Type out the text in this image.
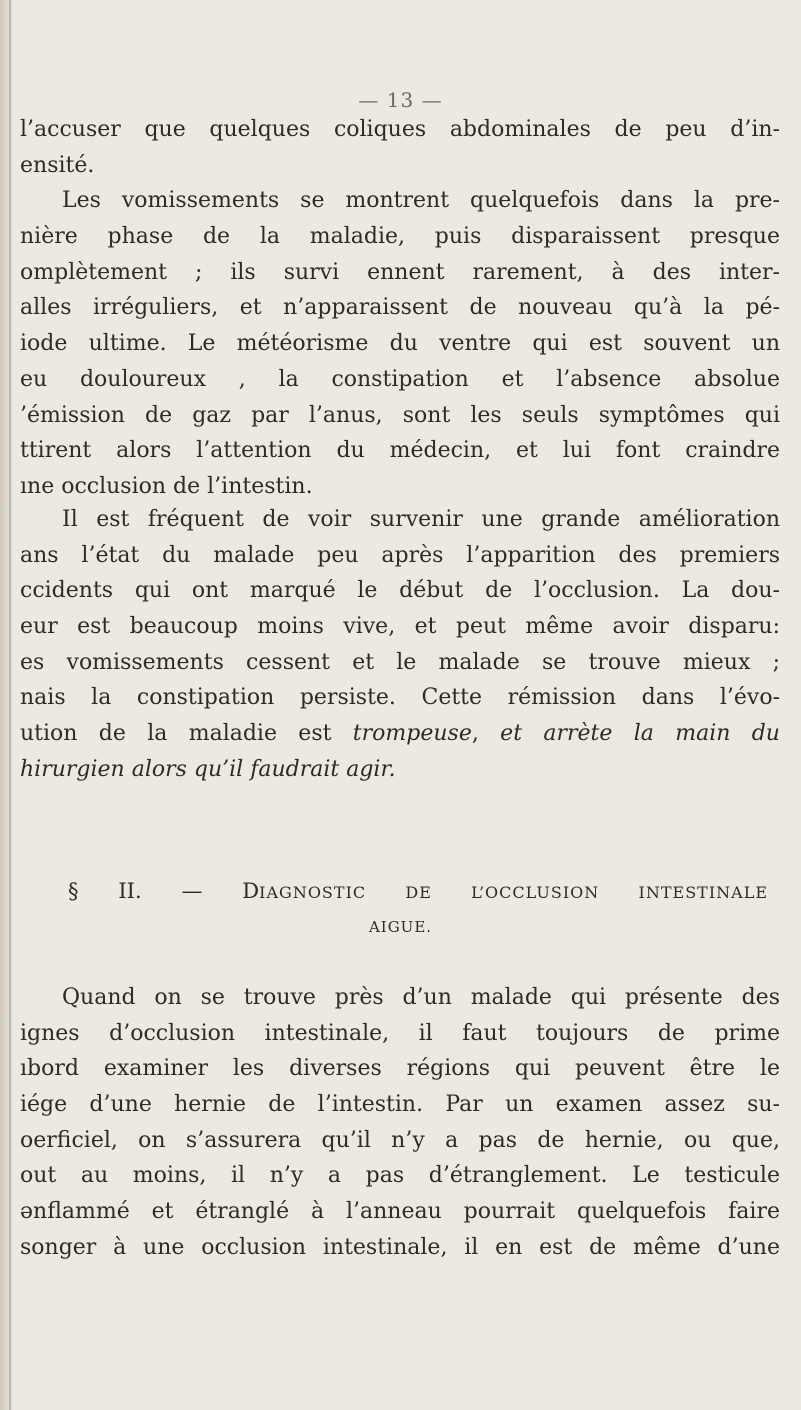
— 13 —
l’accuser que quelques coliques abdominales de peu d’in-
ensité.
Les vomissements se montrent quelquefois dans la pre-
nière phase de la maladie, puis disparaissent presque
omplètement ; ils survi ennent rarement, à des inter-
alles irréguliers, et n’apparaissent de nouveau qu’à la pé-
iode ultime. Le météorisme du ventre qui est souvent un
eu douloureux , la constipation et l’absence absolue
’émission de gaz par l’anus, sont les seuls symptômes qui
ttirent alors l’attention du médecin, et lui font craindre
ıne occlusion de l’intestin.
Il est fréquent de voir survenir une grande amélioration
ans l’état du malade peu après l’apparition des premiers
ccidents qui ont marqué le début de l’occlusion. La dou-
eur est beaucoup moins vive, et peut même avoir disparu:
es vomissements cessent et le malade se trouve mieux ;
nais la constipation persiste. Cette rémission dans l’évo-
ution de la maladie est trompeuse, et arrète la main du
hirurgien alors qu’il faudrait agir.
§ II. — DIAGNOSTIC DE L’OCCLUSION INTESTINALE
AIGUE.
Quand on se trouve près d’un malade qui présente des
ignes d’occlusion intestinale, il faut toujours de prime
ıbord examiner les diverses régions qui peuvent être le
iége d’une hernie de l’intestin. Par un examen assez su-
oerficiel, on s’assurera qu’il n’y a pas de hernie, ou que,
out au moins, il n’y a pas d’étranglement. Le testicule
ənflammé et étranglé à l’anneau pourrait quelquefois faire
songer à une occlusion intestinale, il en est de même d’une
